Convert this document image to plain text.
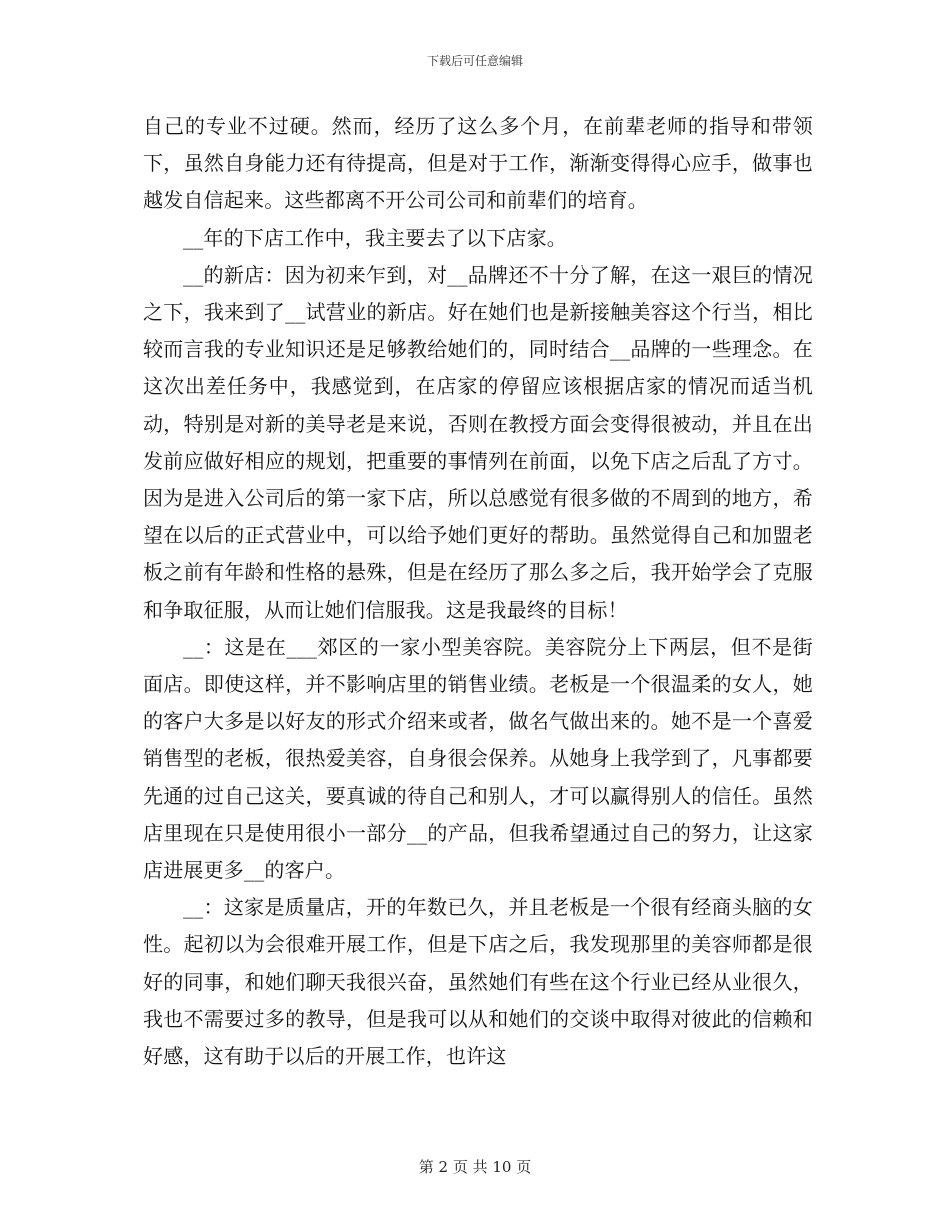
下载后可任意编辑

自己的专业不过硬。然而，经历了这么多个月，在前辈老师的指导和带领下，虽然自身能力还有待提高，但是对于工作，渐渐变得得心应手，做事也越发自信起来。这些都离不开公司公司和前辈们的培育。

__年的下店工作中，我主要去了以下店家。

__的新店：因为初来乍到，对__品牌还不十分了解，在这一艰巨的情况之下，我来到了__试营业的新店。好在她们也是新接触美容这个行当，相比较而言我的专业知识还是足够教给她们的，同时结合__品牌的一些理念。在这次出差任务中，我感觉到，在店家的停留应该根据店家的情况而适当机动，特别是对新的美导老是来说，否则在教授方面会变得很被动，并且在出发前应做好相应的规划，把重要的事情列在前面，以免下店之后乱了方寸。因为是进入公司后的第一家下店，所以总感觉有很多做的不周到的地方，希望在以后的正式营业中，可以给予她们更好的帮助。虽然觉得自己和加盟老板之前有年龄和性格的悬殊，但是在经历了那么多之后，我开始学会了克服和争取征服，从而让她们信服我。这是我最终的目标！

__：这是在___郊区的一家小型美容院。美容院分上下两层，但不是街面店。即使这样，并不影响店里的销售业绩。老板是一个很温柔的女人，她的客户大多是以好友的形式介绍来或者，做名气做出来的。她不是一个喜爱销售型的老板，很热爱美容，自身很会保养。从她身上我学到了，凡事都要先通的过自己这关，要真诚的待自己和别人，才可以赢得别人的信任。虽然店里现在只是使用很小一部分__的产品，但我希望通过自己的努力，让这家店进展更多__的客户。

__：这家是质量店，开的年数已久，并且老板是一个很有经商头脑的女性。起初以为会很难开展工作，但是下店之后，我发现那里的美容师都是很好的同事，和她们聊天我很兴奋，虽然她们有些在这个行业已经从业很久，我也不需要过多的教导，但是我可以从和她们的交谈中取得对彼此的信赖和好感，这有助于以后的开展工作，也许这

第 2 页 共 10 页
